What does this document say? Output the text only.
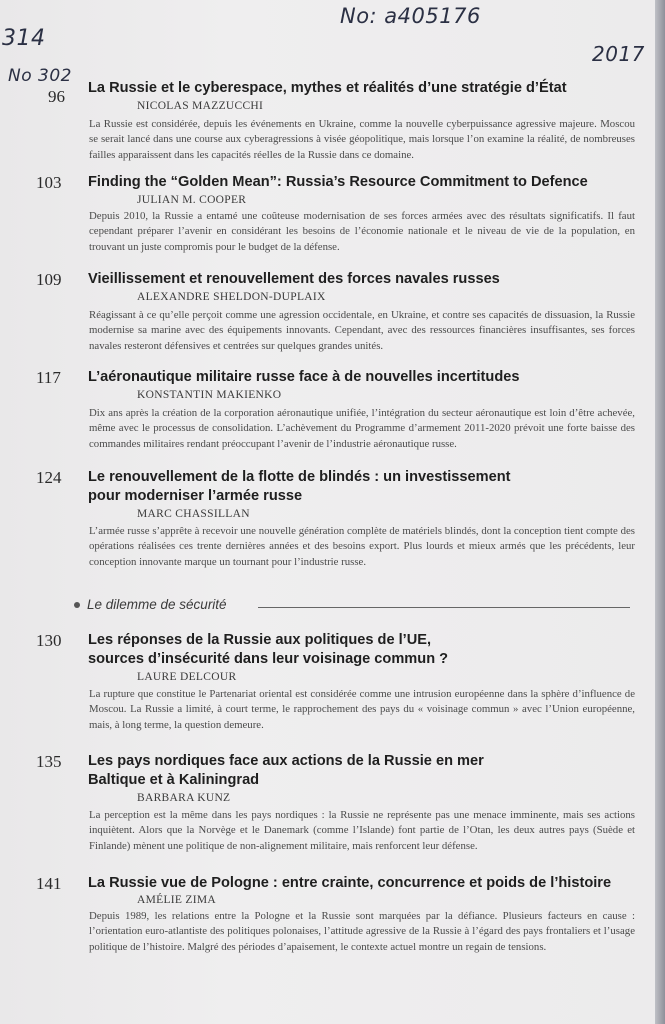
No: a405176
2017
314
No 302
96 La Russie et le cyberespace, mythes et réalités d’une stratégie d’État
NICOLAS MAZZUCCHI
La Russie est considérée, depuis les événements en Ukraine, comme la nouvelle cyberpuissance agressive majeure. Moscou se serait lancé dans une course aux cyberagressions à visée géopolitique, mais lorsque l’on examine la réalité, de nombreuses failles apparaissent dans les capacités réelles de la Russie dans ce domaine.
103 Finding the “Golden Mean”: Russia’s Resource Commitment to Defence
JULIAN M. COOPER
Depuis 2010, la Russie a entamé une coûteuse modernisation de ses forces armées avec des résultats significatifs. Il faut cependant préparer l’avenir en considérant les besoins de l’économie nationale et le niveau de vie de la population, en trouvant un juste compromis pour le budget de la défense.
109 Vieillissement et renouvellement des forces navales russes
ALEXANDRE SHELDON-DUPLAIX
Réagissant à ce qu’elle perçoit comme une agression occidentale, en Ukraine, et contre ses capacités de dissuasion, la Russie modernise sa marine avec des équipements innovants. Cependant, avec des ressources financières insuffisantes, ses forces navales resteront défensives et centrées sur quelques grandes unités.
117 L’aéronautique militaire russe face à de nouvelles incertitudes
KONSTANTIN MAKIENKO
Dix ans après la création de la corporation aéronautique unifiée, l’intégration du secteur aéronautique est loin d’être achevée, même avec le processus de consolidation. L’achèvement du Programme d’armement 2011-2020 prévoit une forte baisse des commandes militaires rendant préoccupant l’avenir de l’industrie aéronautique russe.
124 Le renouvellement de la flotte de blindés : un investissement pour moderniser l’armée russe
MARC CHASSILLAN
L’armée russe s’apprête à recevoir une nouvelle génération complète de matériels blindés, dont la conception tient compte des opérations réalisées ces trente dernières années et des besoins export. Plus lourds et mieux armés que les précédents, leur conception innovante marque un tournant pour l’industrie russe.
Le dilemme de sécurité
130 Les réponses de la Russie aux politiques de l’UE, sources d’insécurité dans leur voisinage commun ?
LAURE DELCOUR
La rupture que constitue le Partenariat oriental est considérée comme une intrusion européenne dans la sphère d’influence de Moscou. La Russie a limité, à court terme, le rapprochement des pays du « voisinage commun » avec l’Union européenne, mais, à long terme, la question demeure.
135 Les pays nordiques face aux actions de la Russie en mer Baltique et à Kaliningrad
BARBARA KUNZ
La perception est la même dans les pays nordiques : la Russie ne représente pas une menace imminente, mais ses actions inquiètent. Alors que la Norvège et le Danemark (comme l’Islande) font partie de l’Otan, les deux autres pays (Suède et Finlande) mènent une politique de non-alignement militaire, mais renforcent leur défense.
141 La Russie vue de Pologne : entre crainte, concurrence et poids de l’histoire
AMÉLIE ZIMA
Depuis 1989, les relations entre la Pologne et la Russie sont marquées par la défiance. Plusieurs facteurs en cause : l’orientation euro-atlantiste des politiques polonaises, l’attitude agressive de la Russie à l’égard des pays frontaliers et l’usage politique de l’histoire. Malgré des périodes d’apaisement, le contexte actuel montre un regain de tensions.
